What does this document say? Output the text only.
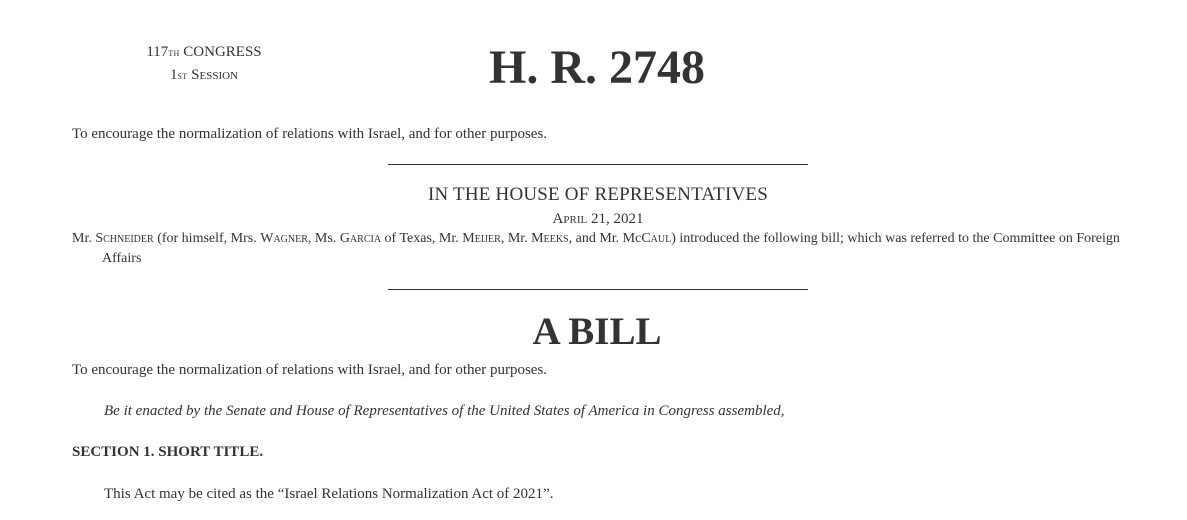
117th CONGRESS
1st Session	H. R. 2748

To encourage the normalization of relations with Israel, and for other purposes.

IN THE HOUSE OF REPRESENTATIVES
April 21, 2021

Mr. Schneider (for himself, Mrs. Wagner, Ms. Garcia of Texas, Mr. Meijer, Mr. Meeks, and Mr. McCaul) introduced the following bill; which was referred to the Committee on Foreign Affairs

A BILL

To encourage the normalization of relations with Israel, and for other purposes.

Be it enacted by the Senate and House of Representatives of the United States of America in Congress assembled,

SECTION 1. SHORT TITLE.

This Act may be cited as the “Israel Relations Normalization Act of 2021”.
